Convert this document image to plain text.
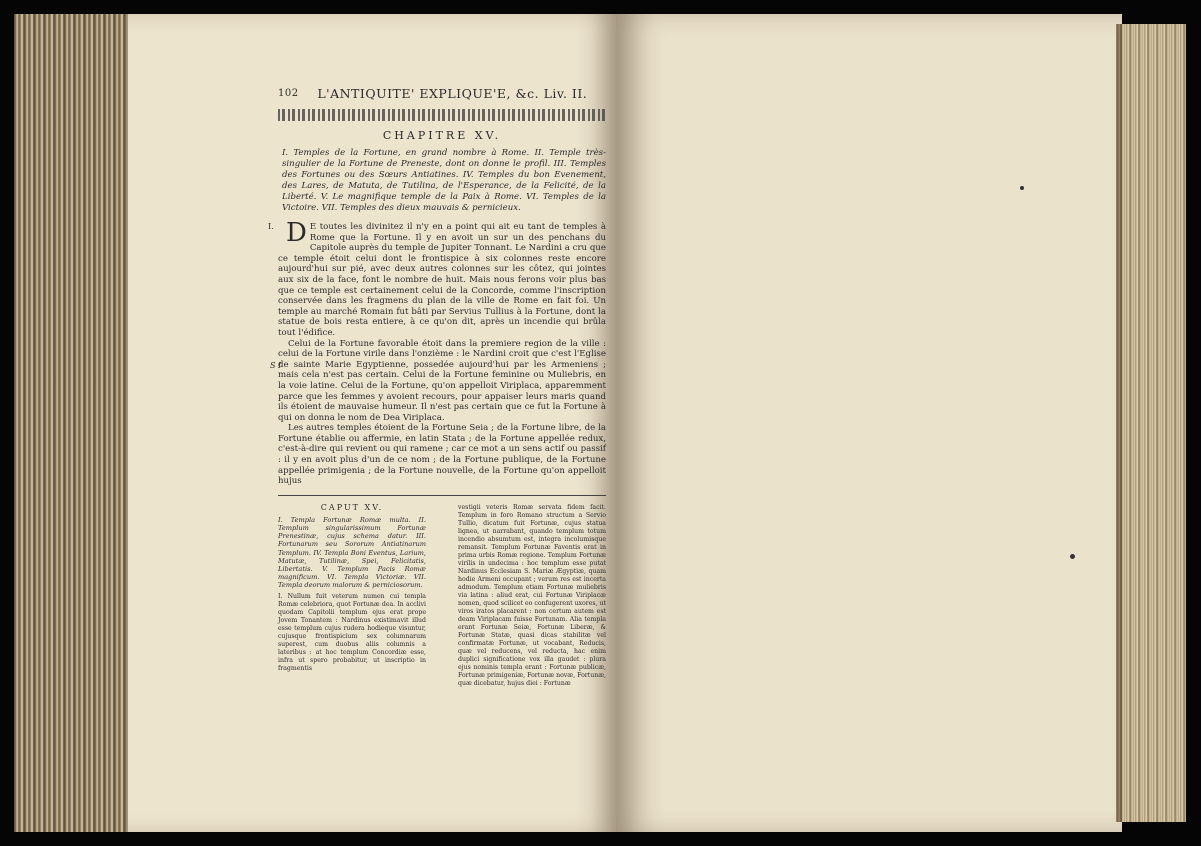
102	L'ANTIQUITE' EXPLIQUE'E, &c. Liv. II.
CHAPITRE XV.
I. Temples de la Fortune, en grand nombre à Rome. II. Temple très-singulier de la Fortune de Preneste, dont on donne le profil. III. Temples des Fortunes ou des Sœurs Antiatines. IV. Temples du bon Evenement, des Lares, de Matuta, de Tutilina, de l'Esperance, de la Felicité, de la Liberté. V. Le magnifique temple de la Paix à Rome. VI. Temples de la Victoire. VII. Temples des dieux mauvais & pernicieux.

I. D E toutes les divinitez il n'y en a point qui ait eu tant de temples à Rome que la Fortune. Il y en avoit un sur un des penchans du Capitole auprès du temple de Jupiter Tonnant. Le Nardini a cru que ce temple étoit celui dont le frontispice à six colonnes reste encore aujourd'hui sur pié, avec deux autres colonnes sur les côtez, qui jointes aux six de la face, font le nombre de huit. Mais nous ferons voir plus bas que ce temple est certainement celui de la Concorde, comme l'inscription conservée dans les fragmens du plan de la ville de Rome en fait foi. Un temple au marché Romain fut bâti par Servius Tullius à la Fortune, dont la statue de bois resta entiere, à ce qu'on dit, après un incendie qui brûla tout l'édifice.

S I
Celui de la Fortune favorable étoit dans la premiere region de la ville : celui de la Fortune virile dans l'onzième : le Nardini croit que c'est l'Eglise de sainte Marie Egyptienne, possedée aujourd'hui par les Armeniens ; mais cela n'est pas certain. Celui de la Fortune feminine ou Muliebris, en la voie latine. Celui de la Fortune, qu'on appelloit Viriplaca, apparemment parce que les femmes y avoient recours, pour appaiser leurs maris quand ils étoient de mauvaise humeur. Il n'est pas certain que ce fut la Fortune à qui on donna le nom de Dea Viriplaca.

Les autres temples étoient de la Fortune Seia ; de la Fortune libre, de la Fortune établie ou affermie, en latin Stata ; de la Fortune appellée redux, c'est-à-dire qui revient ou qui ramene ; car ce mot a un sens actif ou passif : il y en avoit plus d'un de ce nom ; de la Fortune publique, de la Fortune appellée primigenia ; de la Fortune nouvelle, de la Fortune qu'on appelloit hujus

CAPUT XV.
I. Templa Fortunæ Romæ multa. II. Templum singularissimum Fortunæ Prenestinæ, cujus schema datur. III. Fortunarum seu Sororum Antiatinarum Templum. IV. Templa Boni Eventus, Larium, Matutæ, Tutilinæ, Spei, Felicitatis, Libertatis. V. Templum Pacis Romæ magnificum. VI. Templa Victoriæ. VII. Templa deorum malorum & perniciosorum.

I. Nullum fuit veterum numen cui templa Romæ celebriora, quot Fortunæ dea. In acclivi quodam Capitolii templum ejus erat prope Jovem Tonantem : Nardinus existimavit illud esse templum cujus rudera hodieque visuntur, cujusque frontispicium sex columnarum superest, cum duobus aliis columnis a lateribus : at hoc templum Concordiæ esse, infra ut spero probabitur, ut inscriptio in fragmentis

vestigii veteris Romæ servata fidem facit. Templum in foro Romano structum a Servio Tullio, dicatum fuit Fortunæ, cujus statua lignea, ut narrabant, quando templum totum incendio absumtum est, integra incolumisque remansit. Templum Fortunæ Faventis erat in prima urbis Romæ regione. Templum Fortunæ virilis in undecima : hoc templum esse putat Nardinus Ecclesiam S. Mariæ Ægyptiæ, quam hodie Armeni occupant ; verum res est incerta admodum. Templum etiam Fortunæ muliebris via latina : aliud erat, cui Fortunæ Viriplacæ nomen, quod scilicet eo confugerent uxores, ut viros iratos placarent : non certum autem est deam Viriplacam fuisse Fortunam. Alia templa erant Fortunæ Seiæ, Fortunæ Liberæ, & Fortunæ Statæ, quasi dicas stabilitæ vel confirmatæ Fortunæ, ut vocabant, Reducis, quæ vel reducens, vel reducta, hac enim duplici significatione vox illa gaudet : plura ejus nominis templa erant : Fortunæ publicæ, Fortunæ primigeniæ, Fortunæ novæ, Fortunæ, quæ dicebatur, hujus diei : Fortunæ
